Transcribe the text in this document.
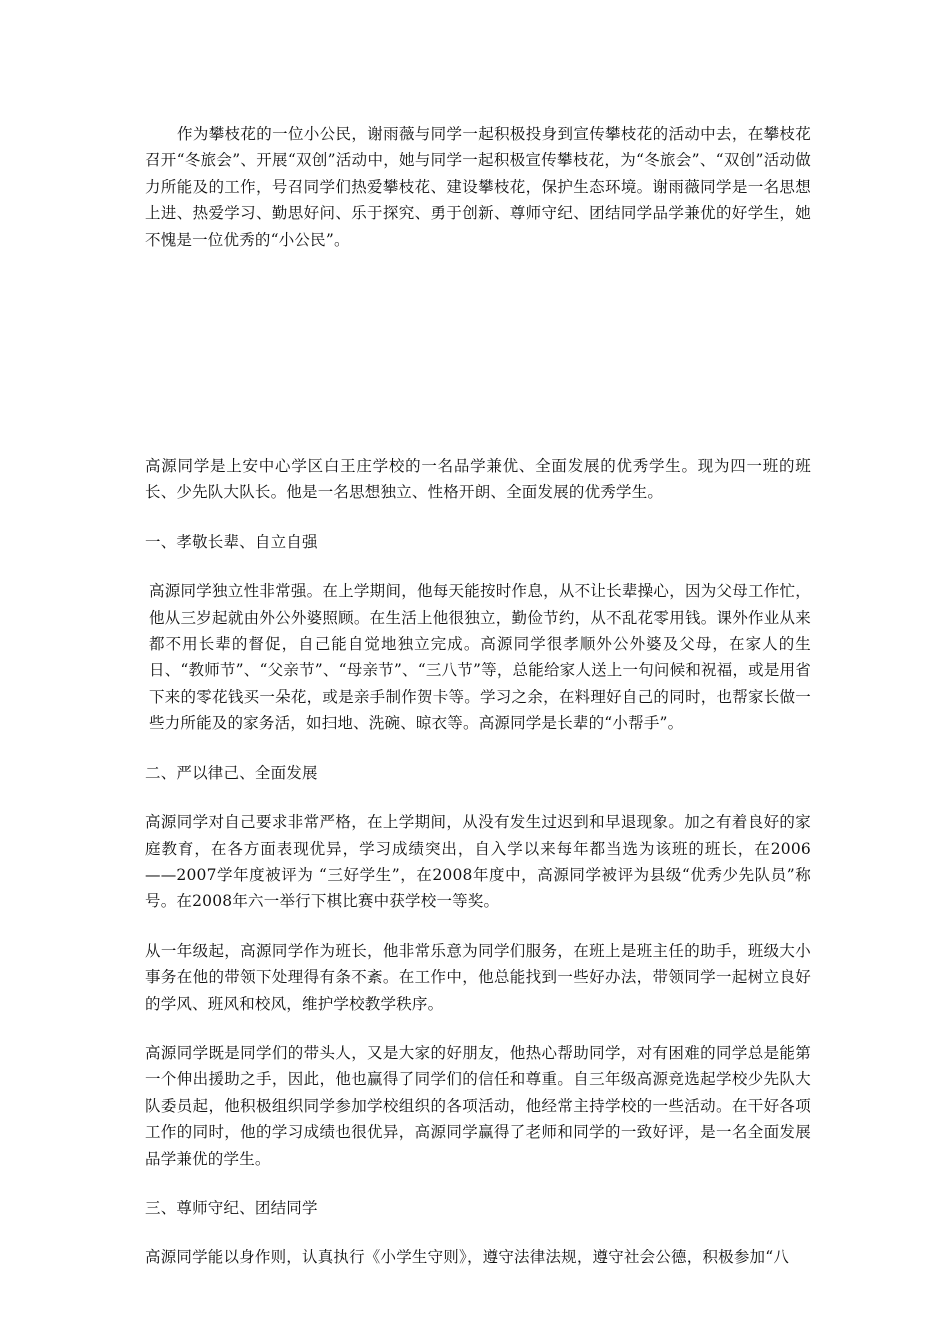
作为攀枝花的一位小公民，谢雨薇与同学一起积极投身到宣传攀枝花的活动中去，在攀枝花召开“冬旅会”、开展“双创”活动中，她与同学一起积极宣传攀枝花，为“冬旅会”、“双创”活动做力所能及的工作，号召同学们热爱攀枝花、建设攀枝花，保护生态环境。谢雨薇同学是一名思想上进、热爱学习、勤思好问、乐于探究、勇于创新、尊师守纪、团结同学品学兼优的好学生，她不愧是一位优秀的“小公民”。

高源同学是上安中心学区白王庄学校的一名品学兼优、全面发展的优秀学生。现为四一班的班长、少先队大队长。他是一名思想独立、性格开朗、全面发展的优秀学生。

一、孝敬长辈、自立自强

高源同学独立性非常强。在上学期间，他每天能按时作息，从不让长辈操心，因为父母工作忙，他从三岁起就由外公外婆照顾。在生活上他很独立，勤俭节约，从不乱花零用钱。课外作业从来都不用长辈的督促，自己能自觉地独立完成。高源同学很孝顺外公外婆及父母，在家人的生日、“教师节”、“父亲节”、“母亲节”、“三八节”等，总能给家人送上一句问候和祝福，或是用省下来的零花钱买一朵花，或是亲手制作贺卡等。学习之余，在料理好自己的同时，也帮家长做一些力所能及的家务活，如扫地、洗碗、晾衣等。高源同学是长辈的“小帮手”。

二、严以律己、全面发展

高源同学对自己要求非常严格，在上学期间，从没有发生过迟到和早退现象。加之有着良好的家庭教育，在各方面表现优异，学习成绩突出，自入学以来每年都当选为该班的班长，在2006——2007学年度被评为 “三好学生”，在2008年度中，高源同学被评为县级“优秀少先队员”称号。在2008年六一举行下棋比赛中获学校一等奖。

从一年级起，高源同学作为班长，他非常乐意为同学们服务，在班上是班主任的助手，班级大小事务在他的带领下处理得有条不紊。在工作中，他总能找到一些好办法，带领同学一起树立良好的学风、班风和校风，维护学校教学秩序。

高源同学既是同学们的带头人，又是大家的好朋友，他热心帮助同学，对有困难的同学总是能第一个伸出援助之手，因此，他也赢得了同学们的信任和尊重。自三年级高源竞选起学校少先队大队委员起，他积极组织同学参加学校组织的各项活动，他经常主持学校的一些活动。在干好各项工作的同时，他的学习成绩也很优异，高源同学赢得了老师和同学的一致好评，是一名全面发展品学兼优的学生。

三、尊师守纪、团结同学

高源同学能以身作则，认真执行《小学生守则》，遵守法律法规，遵守社会公德，积极参加“八
